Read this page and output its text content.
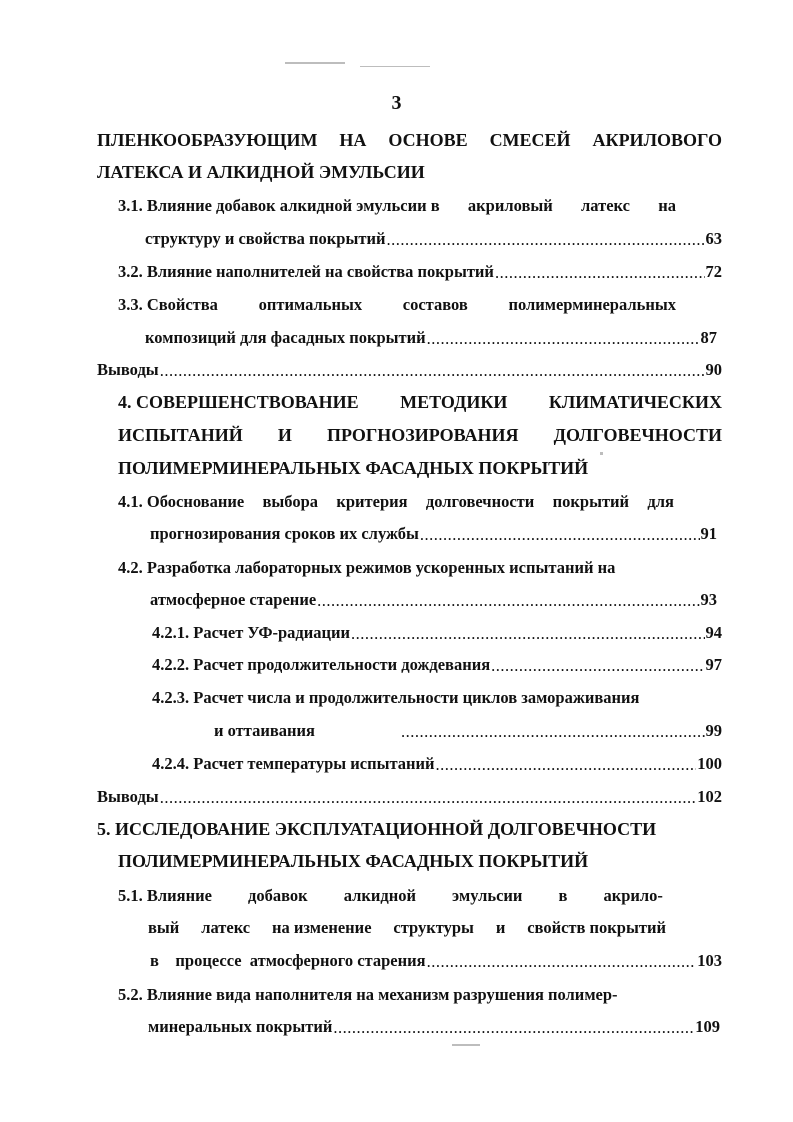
3
ПЛЕНКООБРАЗУЮЩИМ НА ОСНОВЕ СМЕСЕЙ АКРИЛОВОГО
ЛАТЕКСА И АЛКИДНОЙ ЭМУЛЬСИИ
3.1. Влияние добавок алкидной эмульсии в акриловый латекс на
структуру и свойства покрытий .....	63
3.2. Влияние наполнителей на свойства покрытий .....	72
3.3. Свойства оптимальных составов полимерминеральных
композиций для фасадных покрытий .....	87
Выводы .....	90
4. СОВЕРШЕНСТВОВАНИЕ МЕТОДИКИ КЛИМАТИЧЕСКИХ
ИСПЫТАНИЙ И ПРОГНОЗИРОВАНИЯ ДОЛГОВЕЧНОСТИ
ПОЛИМЕРМИНЕРАЛЬНЫХ ФАСАДНЫХ ПОКРЫТИЙ
4.1. Обоснование выбора критерия долговечности покрытий для
прогнозирования сроков их службы .....	91
4.2. Разработка лабораторных режимов ускоренных испытаний на
атмосферное старение .....	93
4.2.1. Расчет УФ-радиации .....	94
4.2.2. Расчет продолжительности дождевания .....	97
4.2.3. Расчет числа и продолжительности циклов замораживания
и оттаивания .....	99
4.2.4. Расчет температуры испытаний .....	100
Выводы .....	102
5. ИССЛЕДОВАНИЕ ЭКСПЛУАТАЦИОННОЙ ДОЛГОВЕЧНОСТИ
ПОЛИМЕРМИНЕРАЛЬНЫХ ФАСАДНЫХ ПОКРЫТИЙ
5.1. Влияние добавок алкидной эмульсии в акрило-
вый латекс на изменение структуры и свойств покрытий
в    процессе  атмосферного старения .....	103
5.2. Влияние вида наполнителя на механизм разрушения полимер-
минеральных покрытий .....	109
